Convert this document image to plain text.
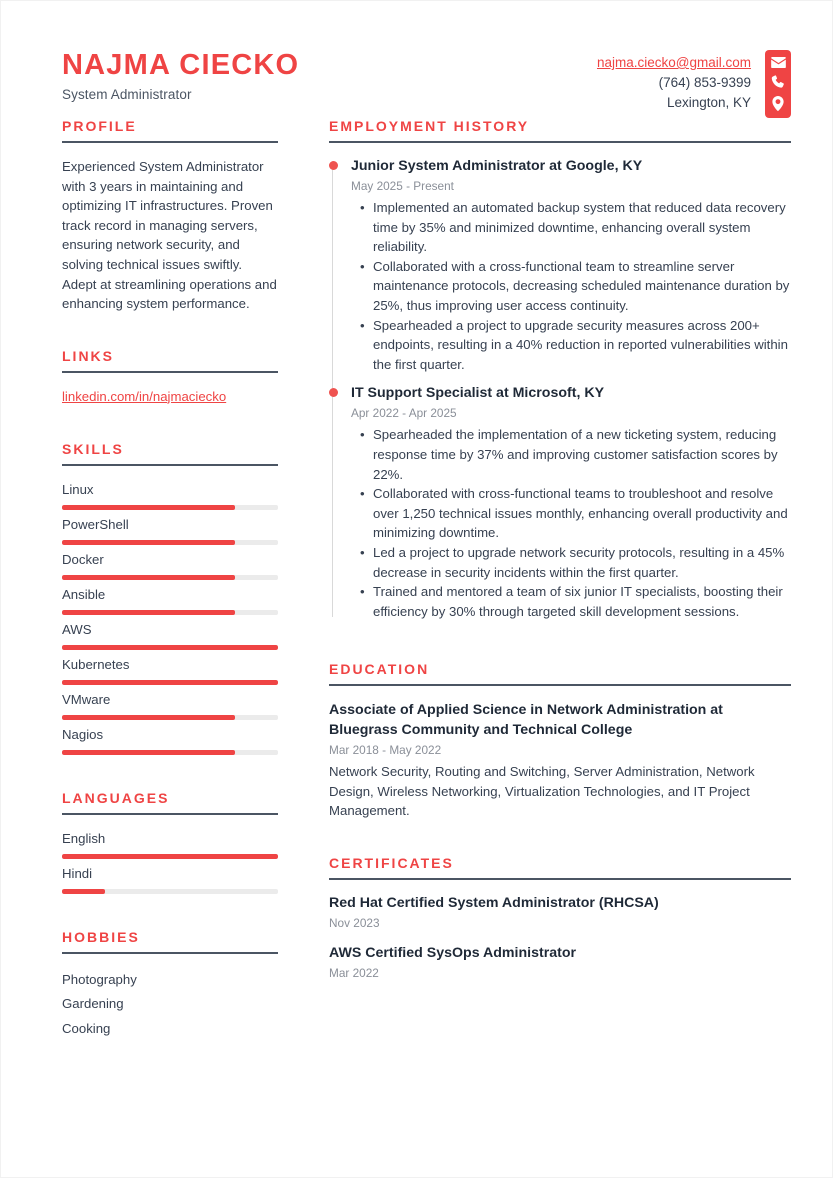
NAJMA CIECKO
System Administrator
najma.ciecko@gmail.com
(764) 853-9399
Lexington, KY
PROFILE
Experienced System Administrator with 3 years in maintaining and optimizing IT infrastructures. Proven track record in managing servers, ensuring network security, and solving technical issues swiftly. Adept at streamlining operations and enhancing system performance.
LINKS
linkedin.com/in/najmaciecko
SKILLS
Linux
PowerShell
Docker
Ansible
AWS
Kubernetes
VMware
Nagios
LANGUAGES
English
Hindi
HOBBIES
Photography
Gardening
Cooking
EMPLOYMENT HISTORY
Junior System Administrator at Google, KY
May 2025 - Present
• Implemented an automated backup system that reduced data recovery time by 35% and minimized downtime, enhancing overall system reliability.
• Collaborated with a cross-functional team to streamline server maintenance protocols, decreasing scheduled maintenance duration by 25%, thus improving user access continuity.
• Spearheaded a project to upgrade security measures across 200+ endpoints, resulting in a 40% reduction in reported vulnerabilities within the first quarter.
IT Support Specialist at Microsoft, KY
Apr 2022 - Apr 2025
• Spearheaded the implementation of a new ticketing system, reducing response time by 37% and improving customer satisfaction scores by 22%.
• Collaborated with cross-functional teams to troubleshoot and resolve over 1,250 technical issues monthly, enhancing overall productivity and minimizing downtime.
• Led a project to upgrade network security protocols, resulting in a 45% decrease in security incidents within the first quarter.
• Trained and mentored a team of six junior IT specialists, boosting their efficiency by 30% through targeted skill development sessions.
EDUCATION
Associate of Applied Science in Network Administration at Bluegrass Community and Technical College
Mar 2018 - May 2022
Network Security, Routing and Switching, Server Administration, Network Design, Wireless Networking, Virtualization Technologies, and IT Project Management.
CERTIFICATES
Red Hat Certified System Administrator (RHCSA)
Nov 2023
AWS Certified SysOps Administrator
Mar 2022
